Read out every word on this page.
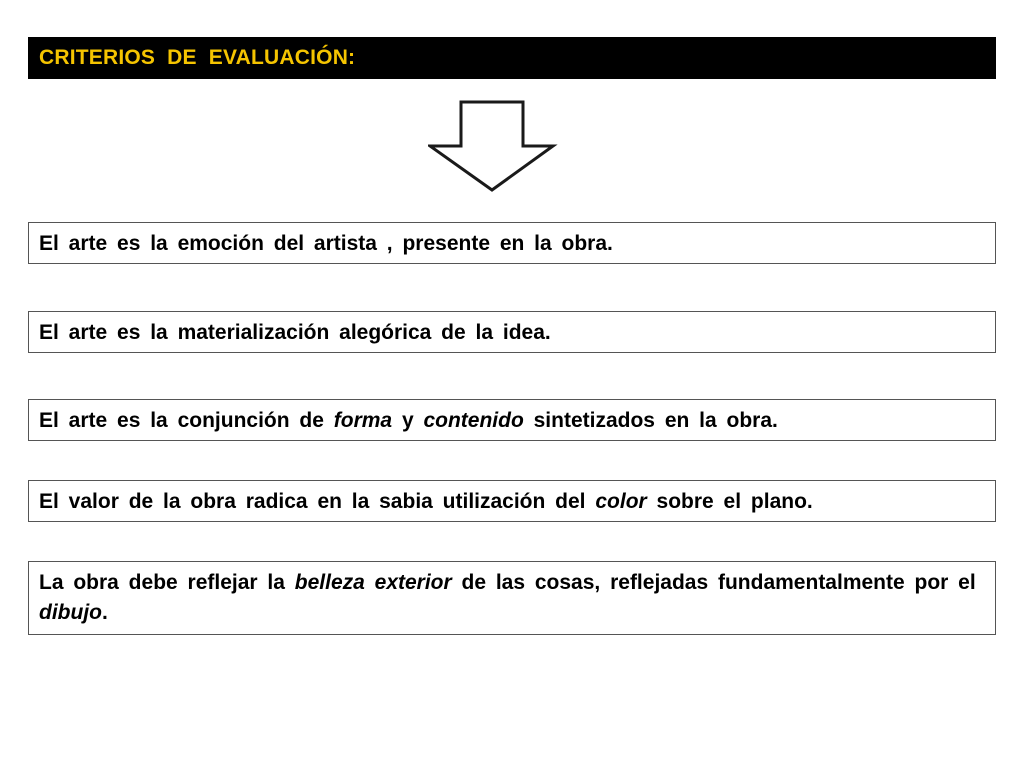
CRITERIOS DE EVALUACIÓN:
El arte es la emoción del artista , presente en la obra.
El arte es la materialización alegórica de la idea.
El arte es la conjunción de forma y contenido sintetizados en la obra.
El valor de la obra radica en la sabia utilización del color sobre el plano.
La obra debe reflejar la belleza exterior de las cosas, reflejadas fundamentalmente por el dibujo.
